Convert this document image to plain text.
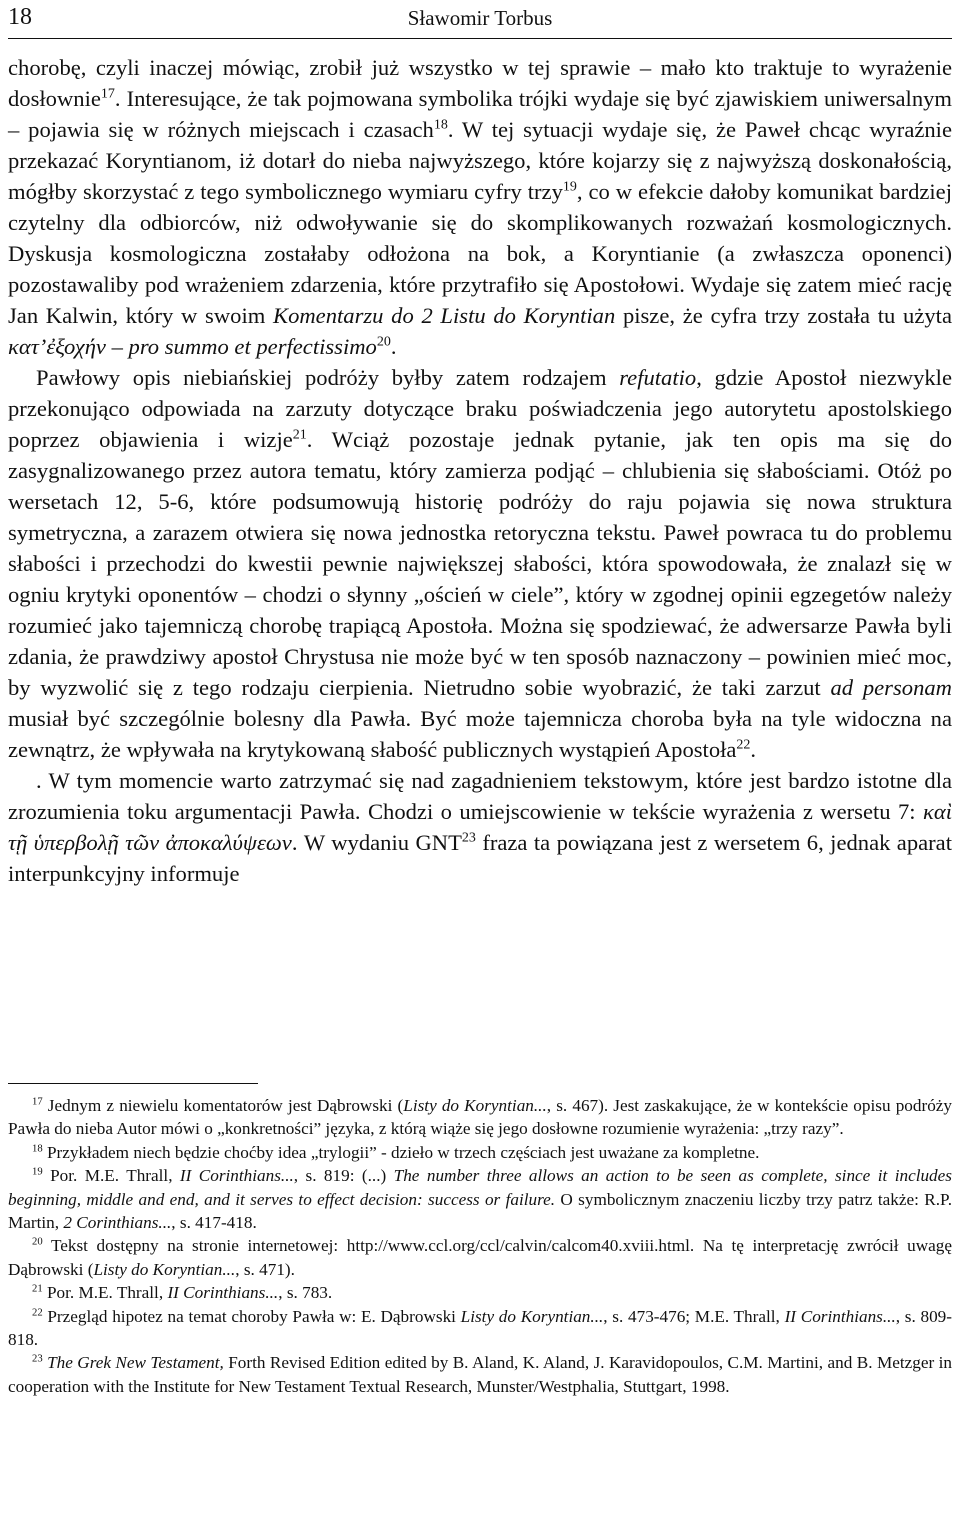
18	Sławomir Torbus

chorobę, czyli inaczej mówiąc, zrobił już wszystko w tej sprawie – mało kto traktuje to wyrażenie dosłownie$^{17}$. Interesujące, że tak pojmowana symbolika trójki wydaje się być zjawiskiem uniwersalnym – pojawia się w różnych miejscach i czasach$^{18}$. W tej sytuacji wydaje się, że Paweł chcąc wyraźnie przekazać Koryntianom, iż dotarł do nieba najwyższego, które kojarzy się z najwyższą doskonałością, mógłby skorzystać z tego symbolicznego wymiaru cyfry trzy$^{19}$, co w efekcie dałoby komunikat bardziej czytelny dla odbiorców, niż odwoływanie się do skomplikowanych rozważań kosmologicznych. Dyskusja kosmologiczna zostałaby odłożona na bok, a Koryntianie (a zwłaszcza oponenci) pozostawaliby pod wrażeniem zdarzenia, które przytrafiło się Apostołowi. Wydaje się zatem mieć rację Jan Kalwin, który w swoim Komentarzu do 2 Listu do Koryntian pisze, że cyfra trzy została tu użyta κατ’ἐξοχήν – pro summo et perfectissimo$^{20}$.

Pawłowy opis niebiańskiej podróży byłby zatem rodzajem refutatio, gdzie Apostoł niezwykle przekonująco odpowiada na zarzuty dotyczące braku poświadczenia jego autorytetu apostolskiego poprzez objawienia i wizje$^{21}$. Wciąż pozostaje jednak pytanie, jak ten opis ma się do zasygnalizowanego przez autora tematu, który zamierza podjąć – chlubienia się słabościami. Otóż po wersetach 12, 5-6, które podsumowują historię podróży do raju pojawia się nowa struktura symetryczna, a zarazem otwiera się nowa jednostka retoryczna tekstu. Paweł powraca tu do problemu słabości i przechodzi do kwestii pewnie największej słabości, która spowodowała, że znalazł się w ogniu krytyki oponentów – chodzi o słynny „oścień w ciele”, który w zgodnej opinii egzegetów należy rozumieć jako tajemniczą chorobę trapiącą Apostoła. Można się spodziewać, że adwersarze Pawła byli zdania, że prawdziwy apostoł Chrystusa nie może być w ten sposób naznaczony – powinien mieć moc, by wyzwolić się z tego rodzaju cierpienia. Nietrudno sobie wyobrazić, że taki zarzut ad personam musiał być szczególnie bolesny dla Pawła. Być może tajemnicza choroba była na tyle widoczna na zewnątrz, że wpływała na krytykowaną słabość publicznych wystąpień Apostoła$^{22}$.

. W tym momencie warto zatrzymać się nad zagadnieniem tekstowym, które jest bardzo istotne dla zrozumienia toku argumentacji Pawła. Chodzi o umiejscowienie w tekście wyrażenia z wersetu 7: καὶ τῇ ὑπερβολῇ τῶν ἀποκαλύψεων. W wydaniu GNT$^{23}$ fraza ta powiązana jest z wersetem 6, jednak aparat interpunkcyjny informuje

$^{17}$ Jednym z niewielu komentatorów jest Dąbrowski (Listy do Koryntian..., s. 467). Jest zaskakujące, że w kontekście opisu podróży Pawła do nieba Autor mówi o „konkretności” języka, z którą wiąże się jego dosłowne rozumienie wyrażenia: „trzy razy”.

$^{18}$ Przykładem niech będzie choćby idea „trylogii” - dzieło w trzech częściach jest uważane za kompletne.

$^{19}$ Por. M.E. Thrall, II Corinthians..., s. 819: (...) The number three allows an action to be seen as complete, since it includes beginning, middle and end, and it serves to effect decision: success or failure. O symbolicznym znaczeniu liczby trzy patrz także: R.P. Martin, 2 Corinthians..., s. 417-418.

$^{20}$ Tekst dostępny na stronie internetowej: http://www.ccl.org/ccl/calvin/calcom40.xviii.html. Na tę interpretację zwrócił uwagę Dąbrowski (Listy do Koryntian..., s. 471).

$^{21}$ Por. M.E. Thrall, II Corinthians..., s. 783.

$^{22}$ Przegląd hipotez na temat choroby Pawła w: E. Dąbrowski Listy do Koryntian..., s. 473-476; M.E. Thrall, II Corinthians..., s. 809-818.

$^{23}$ The Grek New Testament, Forth Revised Edition edited by B. Aland, K. Aland, J. Karavidopoulos, C.M. Martini, and B. Metzger in cooperation with the Institute for New Testament Textual Research, Munster/Westphalia, Stuttgart, 1998.
